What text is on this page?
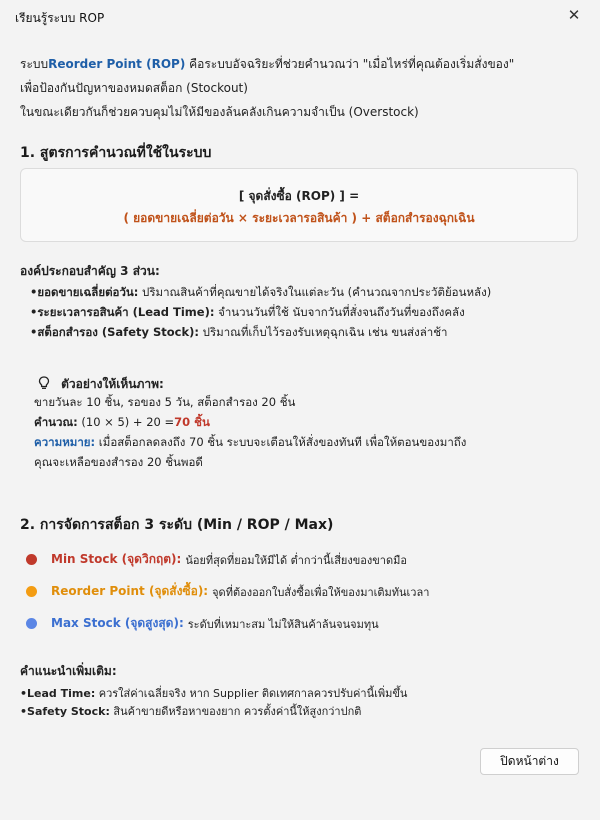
เรียนรู้ระบบ ROP	✕
ระบบReorder Point (ROP) คือระบบอัจฉริยะที่ช่วยคำนวณว่า "เมื่อไหร่ที่คุณต้องเริ่มสั่งของ"
เพื่อป้องกันปัญหาของหมดสต็อก (Stockout)
ในขณะเดียวกันก็ช่วยควบคุมไม่ให้มีของล้นคลังเกินความจำเป็น (Overstock)
1. สูตรการคำนวณที่ใช้ในระบบ
[ จุดสั่งซื้อ (ROP) ] =
( ยอดขายเฉลี่ยต่อวัน × ระยะเวลารอสินค้า ) + สต็อกสำรองฉุกเฉิน
องค์ประกอบสำคัญ 3 ส่วน:
•ยอดขายเฉลี่ยต่อวัน: ปริมาณสินค้าที่คุณขายได้จริงในแต่ละวัน (คำนวณจากประวัติย้อนหลัง)
•ระยะเวลารอสินค้า (Lead Time): จำนวนวันที่ใช้ นับจากวันที่สั่งจนถึงวันที่ของถึงคลัง
•สต็อกสำรอง (Safety Stock): ปริมาณที่เก็บไว้รองรับเหตุฉุกเฉิน เช่น ขนส่งล่าช้า
ตัวอย่างให้เห็นภาพ:
ขายวันละ 10 ชิ้น, รอของ 5 วัน, สต็อกสำรอง 20 ชิ้น
คำนวณ: (10 × 5) + 20 =70 ชิ้น
ความหมาย: เมื่อสต็อกลดลงถึง 70 ชิ้น ระบบจะเตือนให้สั่งของทันที เพื่อให้ตอนของมาถึง
คุณจะเหลือของสำรอง 20 ชิ้นพอดี
2. การจัดการสต็อก 3 ระดับ (Min / ROP / Max)
Min Stock (จุดวิกฤต): น้อยที่สุดที่ยอมให้มีได้ ต่ำกว่านี้เสี่ยงของขาดมือ
Reorder Point (จุดสั่งซื้อ): จุดที่ต้องออกใบสั่งซื้อเพื่อให้ของมาเติมทันเวลา
Max Stock (จุดสูงสุด): ระดับที่เหมาะสม ไม่ให้สินค้าล้นจนจมทุน
คำแนะนำเพิ่มเติม:
•Lead Time: ควรใส่ค่าเฉลี่ยจริง หาก Supplier ติดเทศกาลควรปรับค่านี้เพิ่มขึ้น
•Safety Stock: สินค้าขายดีหรือหาของยาก ควรตั้งค่านี้ให้สูงกว่าปกติ
ปิดหน้าต่าง
